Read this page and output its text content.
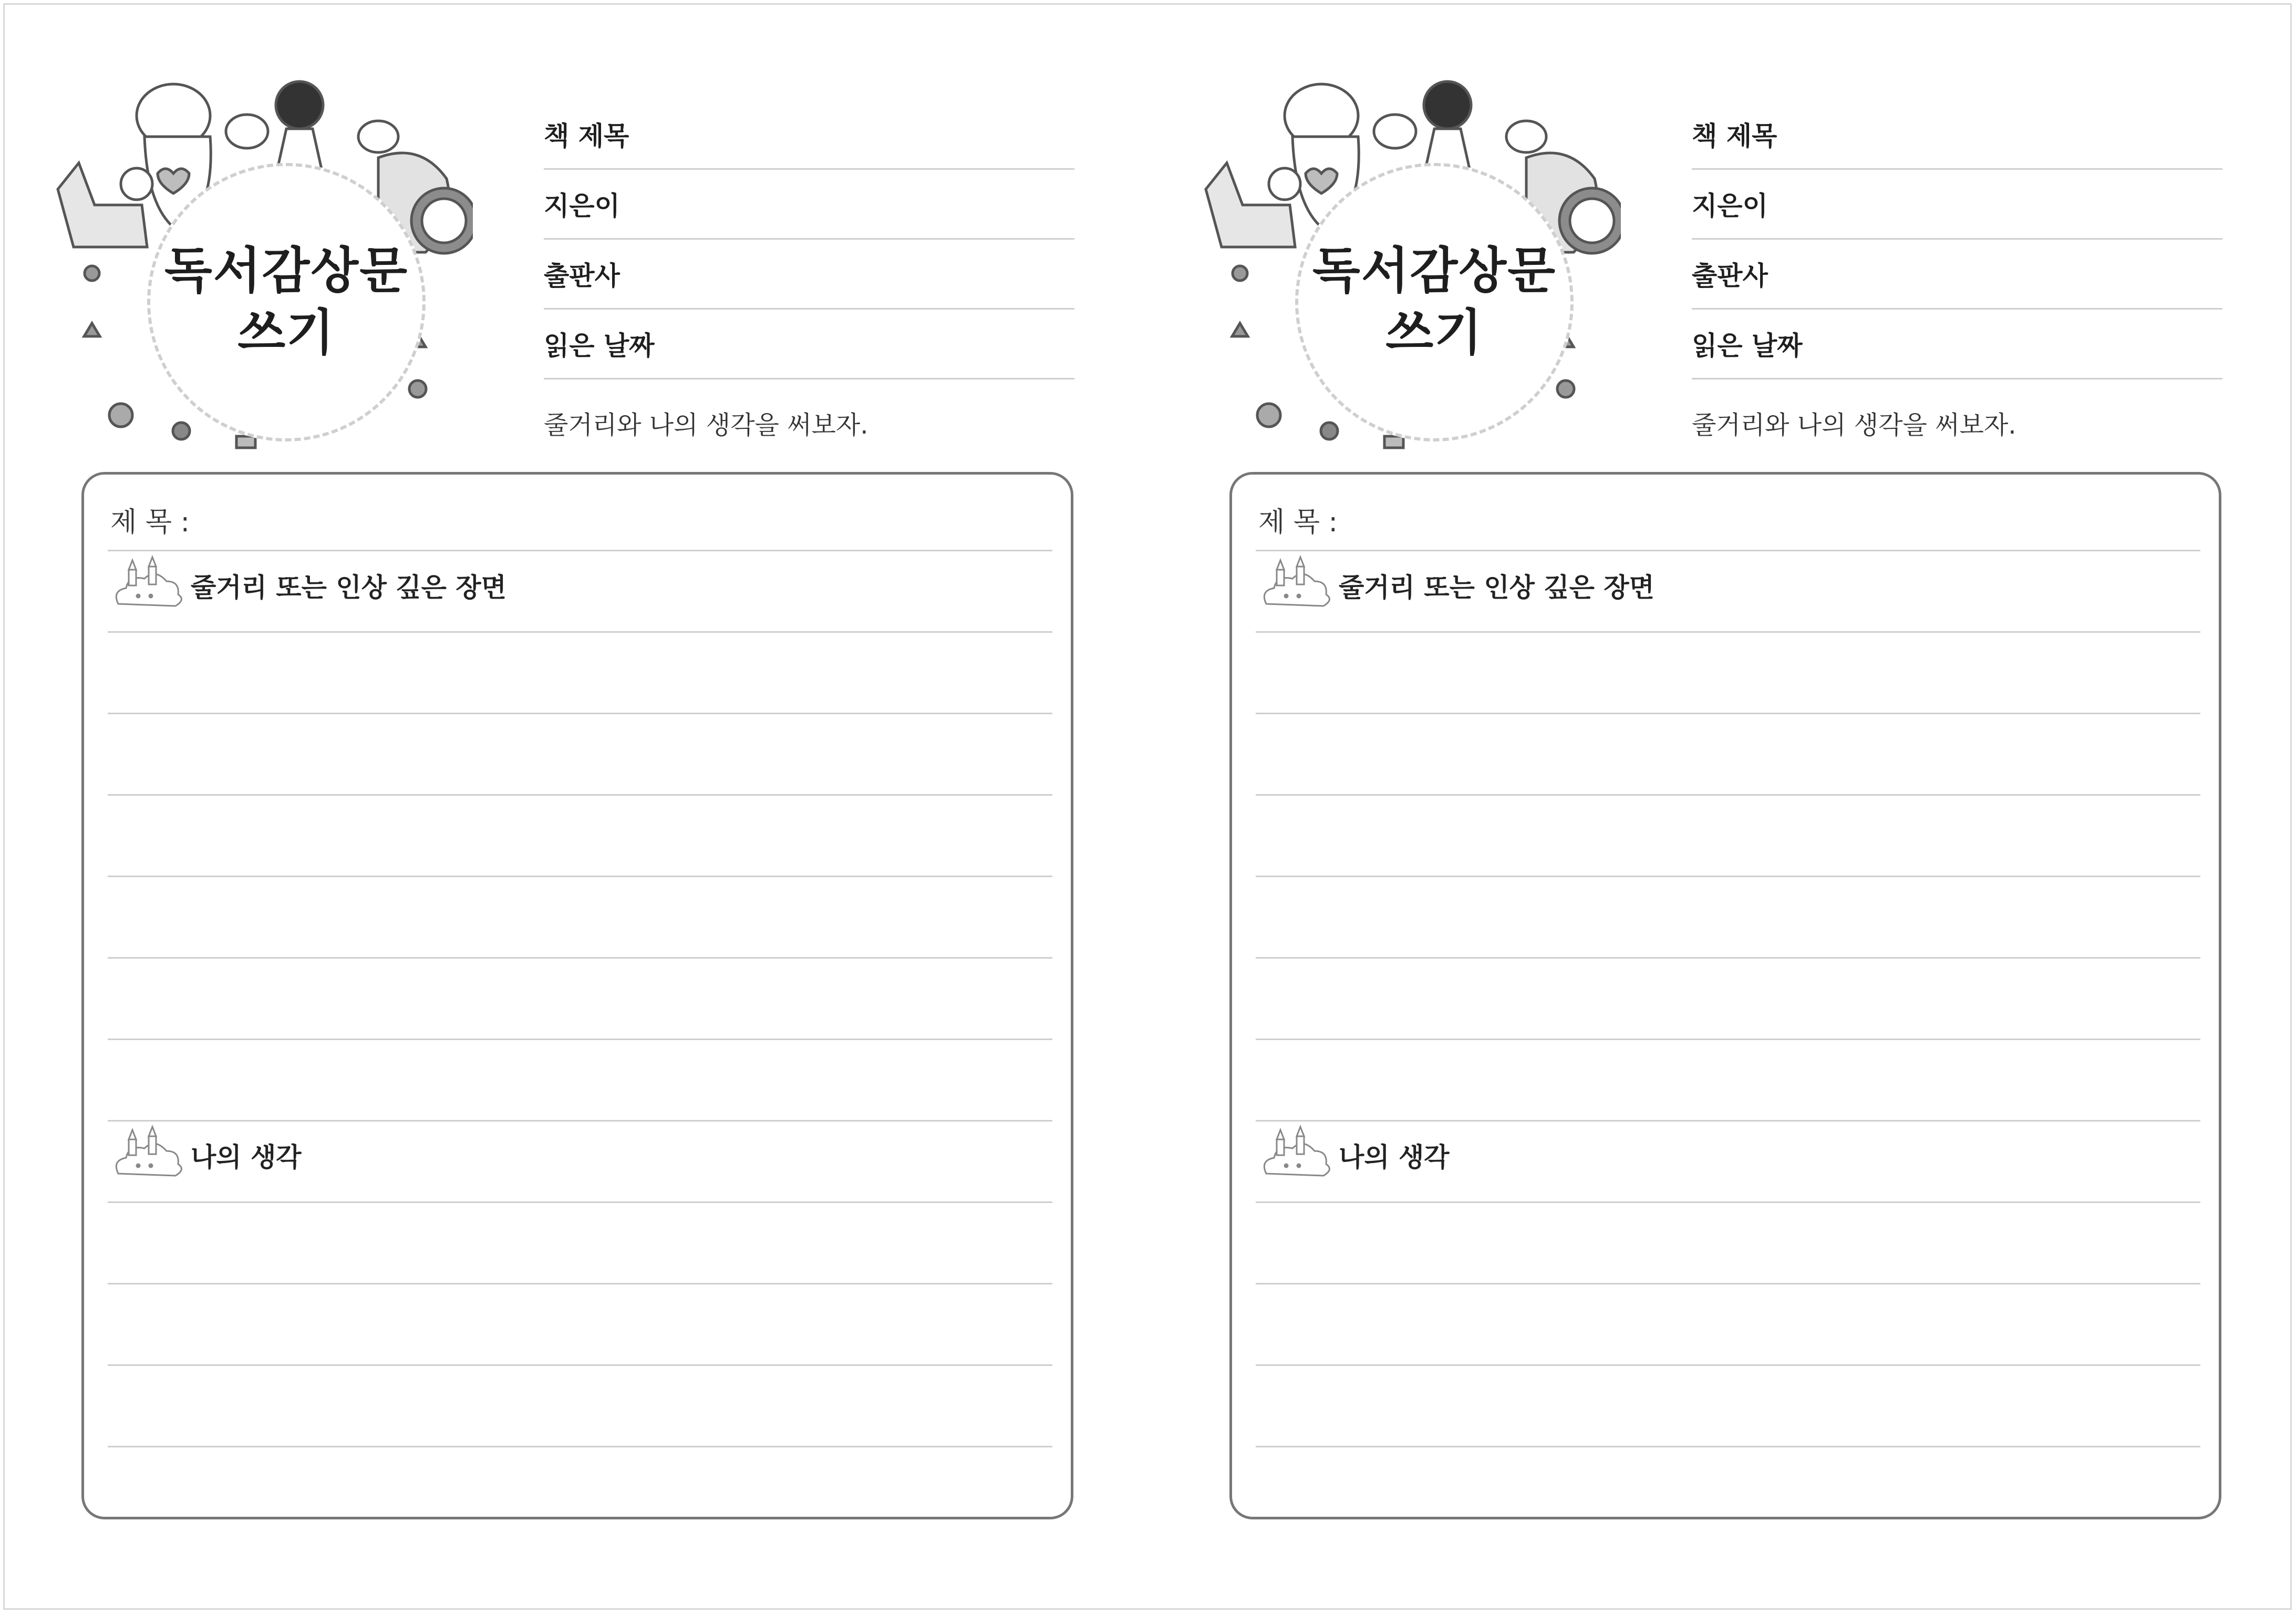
독서감상문
쓰기
책 제목
지은이
출판사
읽은 날짜
줄거리와 나의 생각을 써보자.
제 목 :
줄거리 또는 인상 깊은 장면
나의 생각
독서감상문
쓰기
책 제목
지은이
출판사
읽은 날짜
줄거리와 나의 생각을 써보자.
제 목 :
줄거리 또는 인상 깊은 장면
나의 생각
